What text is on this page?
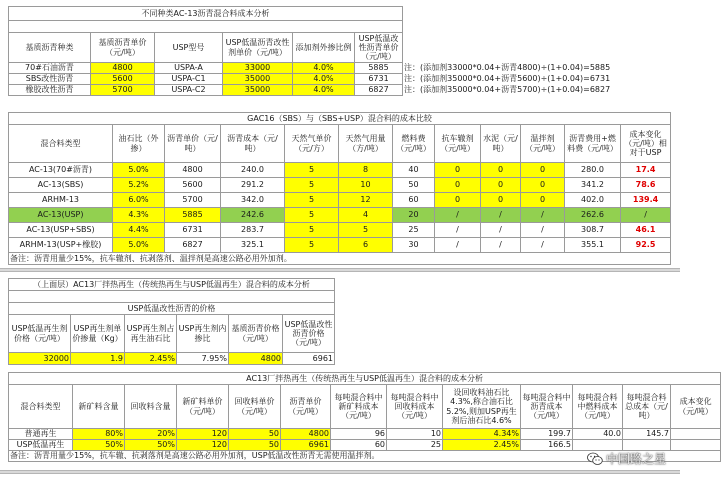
不同种类AC-13沥青混合料成本分析						

基质沥青种类	基质沥青单价（元/吨）	USP型号	USP低温沥青改性剂单价（元/吨）	添加剂外掺比例	USP低温改性沥青单价（元/吨）	
70#石油沥青	4800	USPA-A	33000	4.0%	5885	注：(添加剂33000*0.04+沥青4800)÷(1+0.04)=5885
SBS改性沥青	5600	USPA-C1	35000	4.0%	6731	注：(添加剂35000*0.04+沥青5600)÷(1+0.04)=6731
橡胶改性沥青	5700	USPA-C2	35000	4.0%	6827	注：(添加剂35000*0.04+沥青5700)÷(1+0.04)=6827
GAC16（SBS）与（SBS+USP）混合料的成本比较											
混合料类型	油石比（外掺）	沥青单价（元/吨）	沥青成本（元/吨）	天然气单价（元/方）	天然气用量（方/吨）	燃料费（元/吨）	抗车辙剂（元/吨）	水泥（元/吨）	温拌剂（元/吨）	沥青费用+燃料费（元/吨）	成本变化（元/吨）相对于USP
AC-13(70#沥青)	5.0%	4800	240.0	5	8	40	0	0	0	280.0	17.4
AC-13(SBS)	5.2%	5600	291.2	5	10	50	0	0	0	341.2	78.6
ARHM-13	6.0%	5700	342.0	5	12	60	0	0	0	402.0	139.4
AC-13(USP)	4.3%	5885	242.6	5	4	20	/	/	/	262.6	/
AC-13(USP+SBS)	4.4%	6731	283.7	5	5	25	/	/	/	308.7	46.1
ARHM-13(USP+橡胶)	5.0%	6827	325.1	5	6	30	/	/	/	355.1	92.5
备注：沥青用量少15%，抗车辙剂、抗剥落剂、温拌剂是高速公路必用外加剂。											
（上面层）AC13厂拌热再生（传统热再生与USP低温再生）混合料的成本分析					

USP低温改性沥青的价格					
USP低温再生剂价格（元/吨）	USP再生剂单价掺量（Kg）	USP再生剂占再生油石比	USP再生剂内掺比	基质沥青价格（元/吨）	USP低温改性沥青价格（元/吨）
32000	1.9	2.45%	7.95%	4800	6961
AC13厂拌热再生（传统热再生与USP低温再生）混合料的成本分析												
混合料类型	新矿料含量	回收料含量	新矿料单价（元/吨）	回收料单价（元/吨）	沥青单价（元/吨）	每吨混合料中新矿料成本（元/吨）	每吨混合料中回收料成本（元/吨）	设回收料油石比4.3%,称合油石比5.2%,则加USP再生剂后油石比4.6%	每吨混合料中沥青成本（元/吨）	每吨混合料中燃料成本（元/吨）	每吨混合料总成本（元/吨）	成本变化（元/吨）
普通再生	80%	20%	120	50	4800	96	10	4.34%	199.7	40.0	145.7	
USP低温再生	50%	50%	120	50	6961	60	25	2.45%	166.5			
备注：沥青用量少15%，抗车辙、抗剥落剂是高速公路必用外加剂，USP低温改性沥青无需使用温拌剂。													中国路之星
